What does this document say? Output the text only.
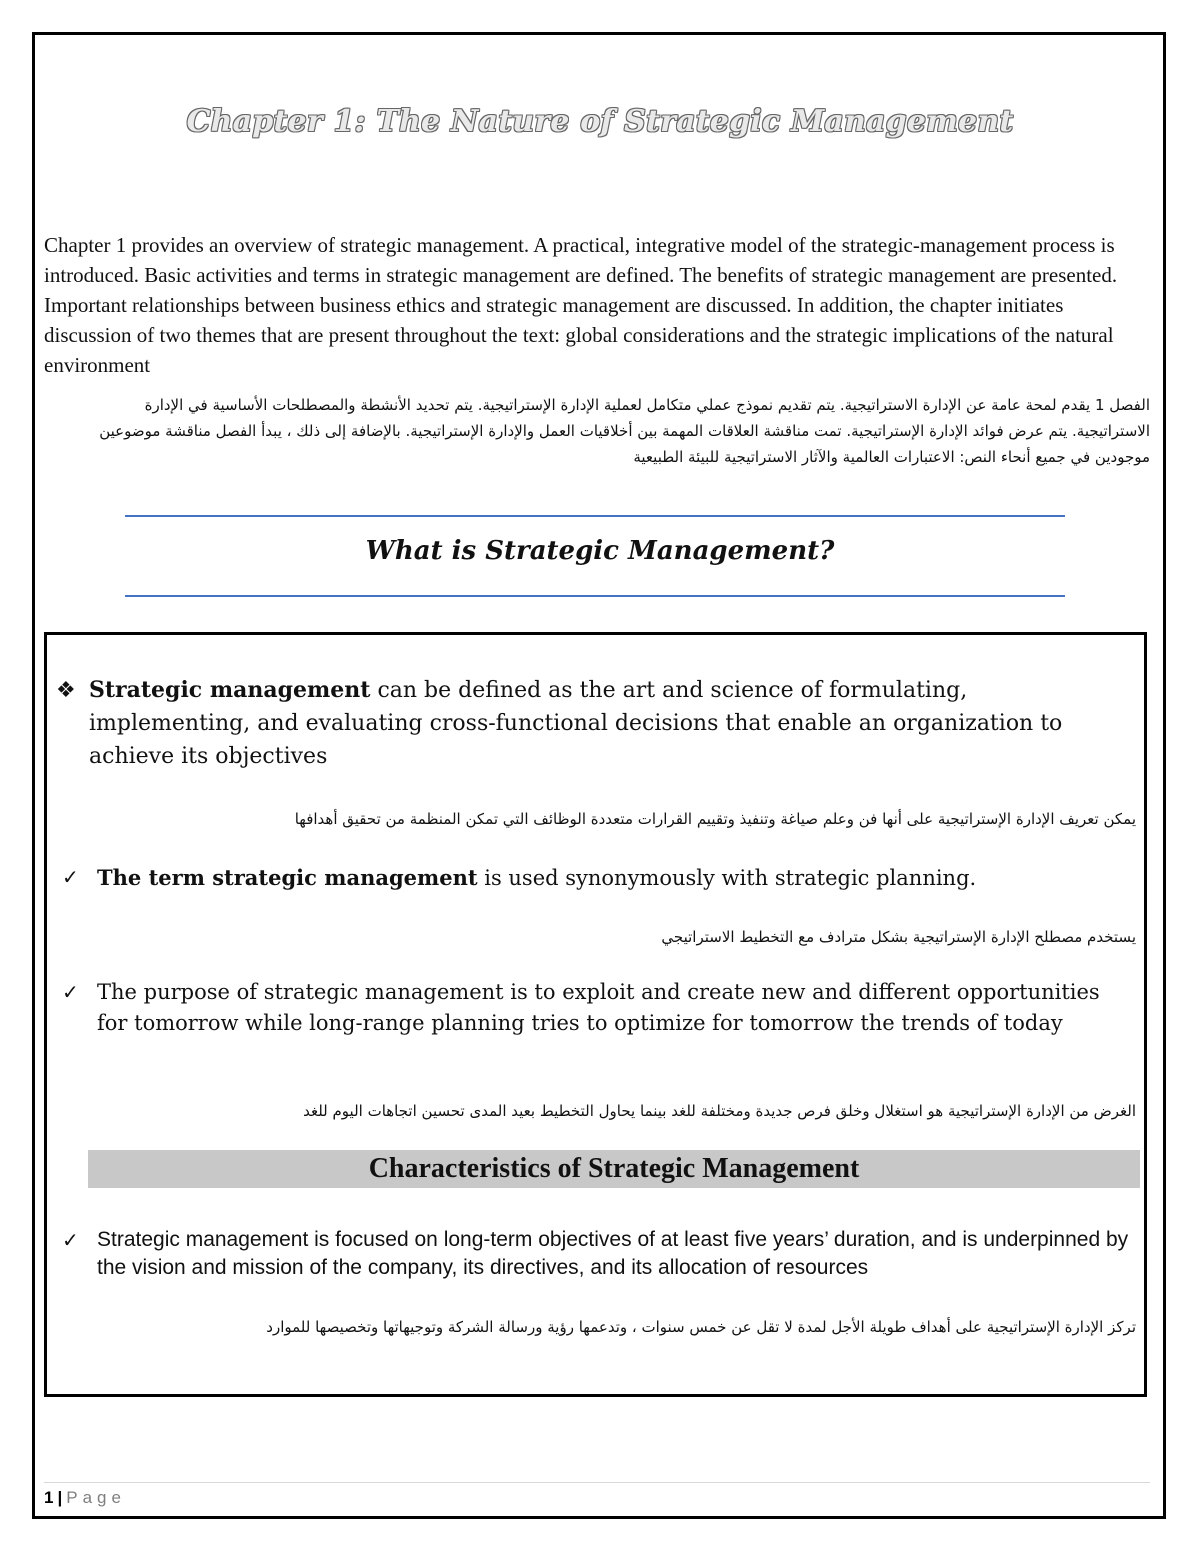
Chapter 1: The Nature of Strategic Management
Chapter 1 provides an overview of strategic management. A practical, integrative model of the strategic-management process is introduced. Basic activities and terms in strategic management are defined. The benefits of strategic management are presented. Important relationships between business ethics and strategic management are discussed. In addition, the chapter initiates discussion of two themes that are present throughout the text: global considerations and the strategic implications of the natural environment
الفصل 1 يقدم لمحة عامة عن الإدارة الاستراتيجية. يتم تقديم نموذج عملي متكامل لعملية الإدارة الإستراتيجية. يتم تحديد الأنشطة والمصطلحات الأساسية في الإدارة الاستراتيجية. يتم عرض فوائد الإدارة الإستراتيجية. تمت مناقشة العلاقات المهمة بين أخلاقيات العمل والإدارة الإستراتيجية. بالإضافة إلى ذلك ، يبدأ الفصل مناقشة موضوعين موجودين في جميع أنحاء النص: الاعتبارات العالمية والآثار الاستراتيجية للبيئة الطبيعية
What is Strategic Management?
❖ Strategic management can be defined as the art and science of formulating, implementing, and evaluating cross-functional decisions that enable an organization to achieve its objectives
يمكن تعريف الإدارة الإستراتيجية على أنها فن وعلم صياغة وتنفيذ وتقييم القرارات متعددة الوظائف التي تمكن المنظمة من تحقيق أهدافها
✓ The term strategic management is used synonymously with strategic planning.
يستخدم مصطلح الإدارة الإستراتيجية بشكل مترادف مع التخطيط الاستراتيجي
✓ The purpose of strategic management is to exploit and create new and different opportunities for tomorrow while long-range planning tries to optimize for tomorrow the trends of today
الغرض من الإدارة الإستراتيجية هو استغلال وخلق فرص جديدة ومختلفة للغد بينما يحاول التخطيط بعيد المدى تحسين اتجاهات اليوم للغد
Characteristics of Strategic Management
✓ Strategic management is focused on long-term objectives of at least five years’ duration, and is underpinned by the vision and mission of the company, its directives, and its allocation of resources
تركز الإدارة الإستراتيجية على أهداف طويلة الأجل لمدة لا تقل عن خمس سنوات ، وتدعمها رؤية ورسالة الشركة وتوجيهاتها وتخصيصها للموارد
1 | Page
